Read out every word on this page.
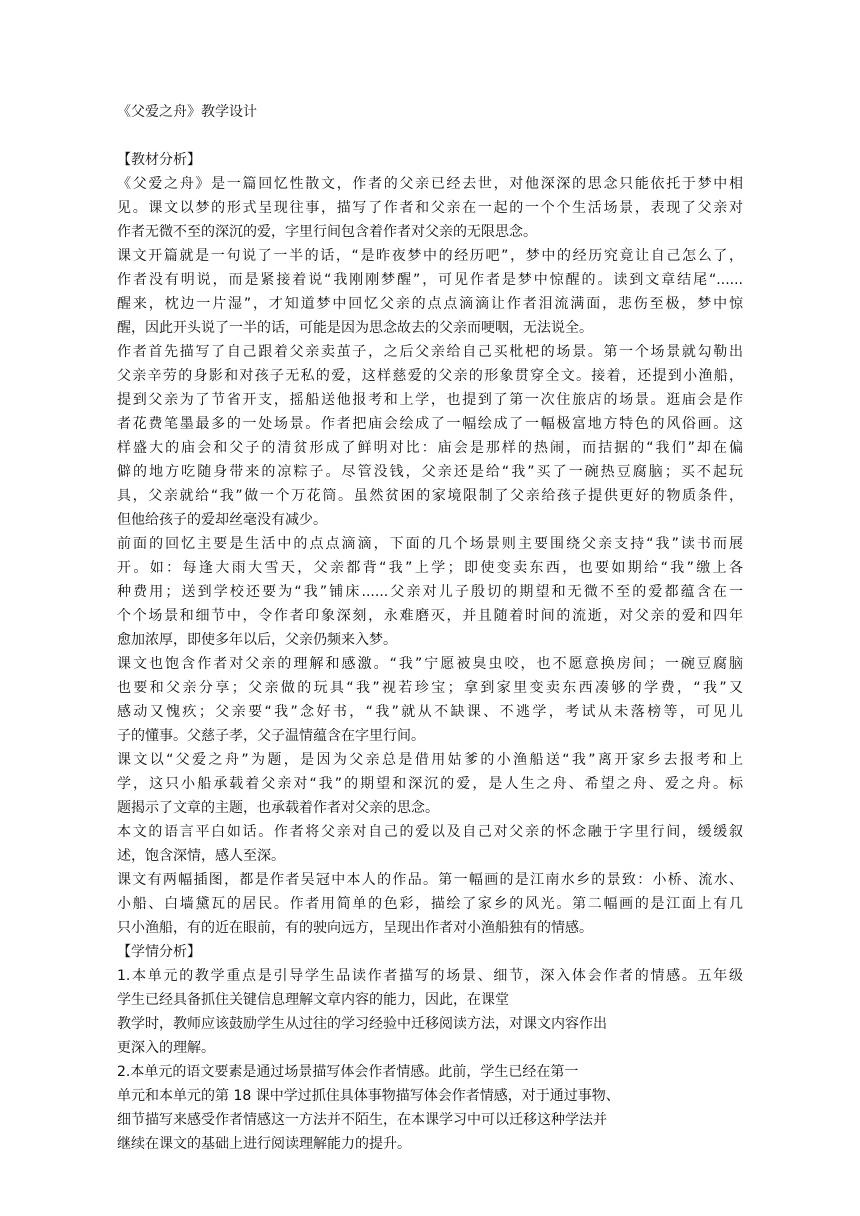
《父爱之舟》教学设计
【教材分析】
《父爱之舟》是一篇回忆性散文，作者的父亲已经去世，对他深深的思念只能依托于梦中相
见。课文以梦的形式呈现往事，描写了作者和父亲在一起的一个个生活场景，表现了父亲对
作者无微不至的深沉的爱，字里行间包含着作者对父亲的无限思念。
课文开篇就是一句说了一半的话，“是昨夜梦中的经历吧”，梦中的经历究竟让自己怎么了，
作者没有明说，而是紧接着说“我刚刚梦醒”，可见作者是梦中惊醒的。读到文章结尾“......
醒来，枕边一片湿”，才知道梦中回忆父亲的点点滴滴让作者泪流满面，悲伤至极，梦中惊
醒，因此开头说了一半的话，可能是因为思念故去的父亲而哽咽，无法说全。
作者首先描写了自己跟着父亲卖茧子，之后父亲给自己买枇杷的场景。第一个场景就勾勒出
父亲辛劳的身影和对孩子无私的爱，这样慈爱的父亲的形象贯穿全文。接着，还提到小渔船，
提到父亲为了节省开支，摇船送他报考和上学，也提到了第一次住旅店的场景。逛庙会是作
者花费笔墨最多的一处场景。作者把庙会绘成了一幅绘成了一幅极富地方特色的风俗画。这
样盛大的庙会和父子的清贫形成了鲜明对比：庙会是那样的热闹，而拮据的“我们”却在偏
僻的地方吃随身带来的凉粽子。尽管没钱，父亲还是给“我”买了一碗热豆腐脑；买不起玩
具，父亲就给“我”做一个万花筒。虽然贫困的家境限制了父亲给孩子提供更好的物质条件，
但他给孩子的爱却丝毫没有减少。
前面的回忆主要是生活中的点点滴滴，下面的几个场景则主要围绕父亲支持“我”读书而展
开。如：每逢大雨大雪天，父亲都背“我”上学；即使变卖东西，也要如期给“我”缴上各
种费用；送到学校还要为“我”铺床......父亲对儿子殷切的期望和无微不至的爱都蕴含在一
个个场景和细节中，令作者印象深刻，永难磨灭，并且随着时间的流逝，对父亲的爱和四年
愈加浓厚，即使多年以后，父亲仍频来入梦。
课文也饱含作者对父亲的理解和感激。“我”宁愿被臭虫咬，也不愿意换房间；一碗豆腐脑
也要和父亲分享；父亲做的玩具“我”视若珍宝；拿到家里变卖东西凑够的学费，“我”又
感动又愧疚；父亲要“我”念好书，“我”就从不缺课、不逃学，考试从未落榜等，可见儿
子的懂事。父慈子孝，父子温情蕴含在字里行间。
课文以“父爱之舟”为题，是因为父亲总是借用姑爹的小渔船送“我”离开家乡去报考和上
学，这只小船承载着父亲对“我”的期望和深沉的爱，是人生之舟、希望之舟、爱之舟。标
题揭示了文章的主题，也承载着作者对父亲的思念。
本文的语言平白如话。作者将父亲对自己的爱以及自己对父亲的怀念融于字里行间，缓缓叙
述，饱含深情，感人至深。
课文有两幅插图，都是作者吴冠中本人的作品。第一幅画的是江南水乡的景致：小桥、流水、
小船、白墙黛瓦的居民。作者用简单的色彩，描绘了家乡的风光。第二幅画的是江面上有几
只小渔船，有的近在眼前，有的驶向远方，呈现出作者对小渔船独有的情感。
【学情分析】
1.本单元的教学重点是引导学生品读作者描写的场景、细节，深入体会作者的情感。五年级
学生已经具备抓住关键信息理解文章内容的能力，因此，在课堂
教学时，教师应该鼓励学生从过往的学习经验中迁移阅读方法，对课文内容作出
更深入的理解。
2.本单元的语文要素是通过场景描写体会作者情感。此前，学生已经在第一
单元和本单元的第 18 课中学过抓住具体事物描写体会作者情感，对于通过事物、
细节描写来感受作者情感这一方法并不陌生，在本课学习中可以迁移这种学法并
继续在课文的基础上进行阅读理解能力的提升。
